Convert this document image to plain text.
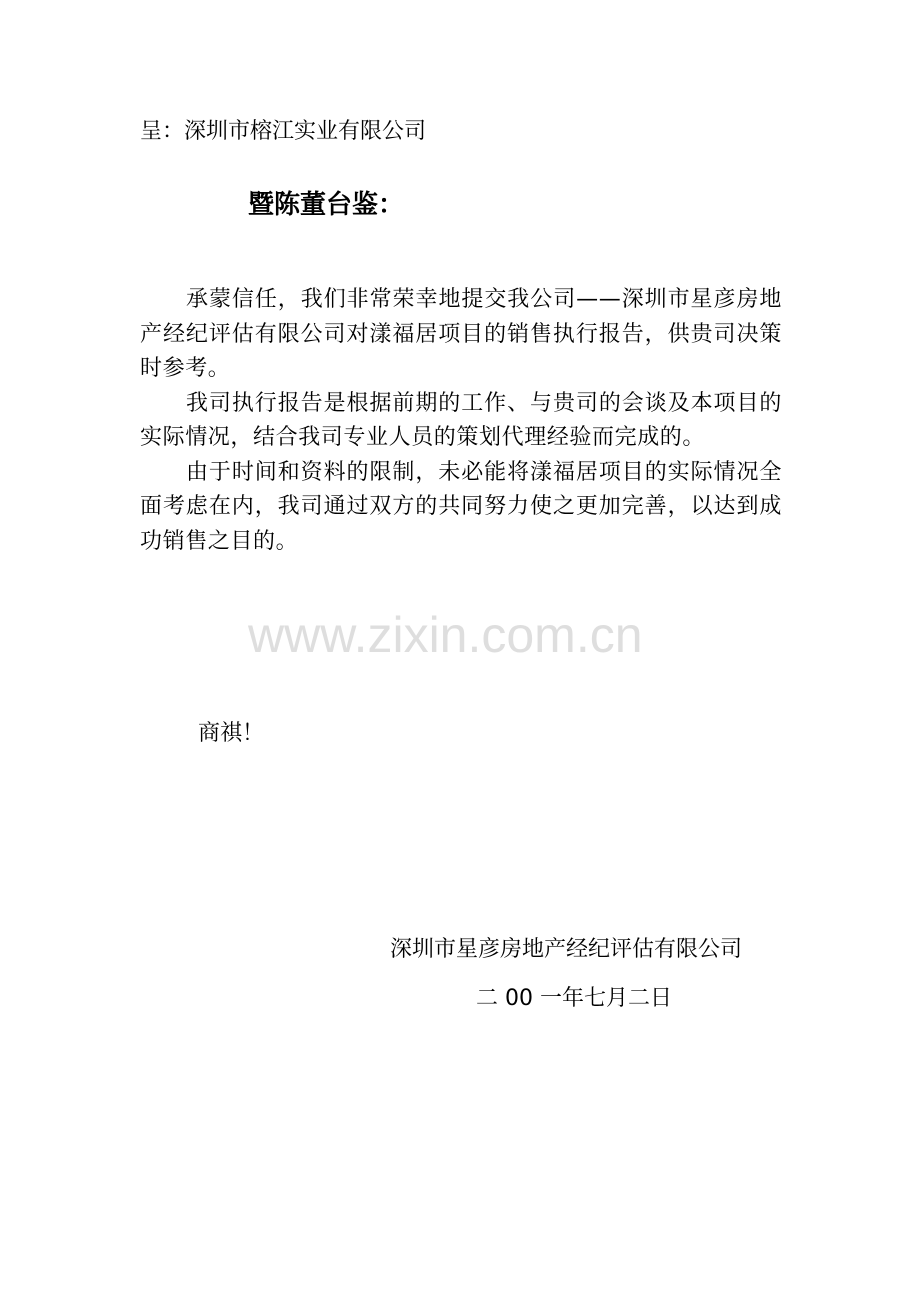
呈：深圳市榕江实业有限公司
暨陈董台鉴：

承蒙信任，我们非常荣幸地提交我公司——深圳市星彦房地产经纪评估有限公司对漾福居项目的销售执行报告，供贵司决策时参考。

我司执行报告是根据前期的工作、与贵司的会谈及本项目的实际情况，结合我司专业人员的策划代理经验而完成的。

由于时间和资料的限制，未必能将漾福居项目的实际情况全面考虑在内，我司通过双方的共同努力使之更加完善，以达到成功销售之目的。

商祺！
深圳市星彦房地产经纪评估有限公司
二 00 一年七月二日
www.zixin.com.cn
